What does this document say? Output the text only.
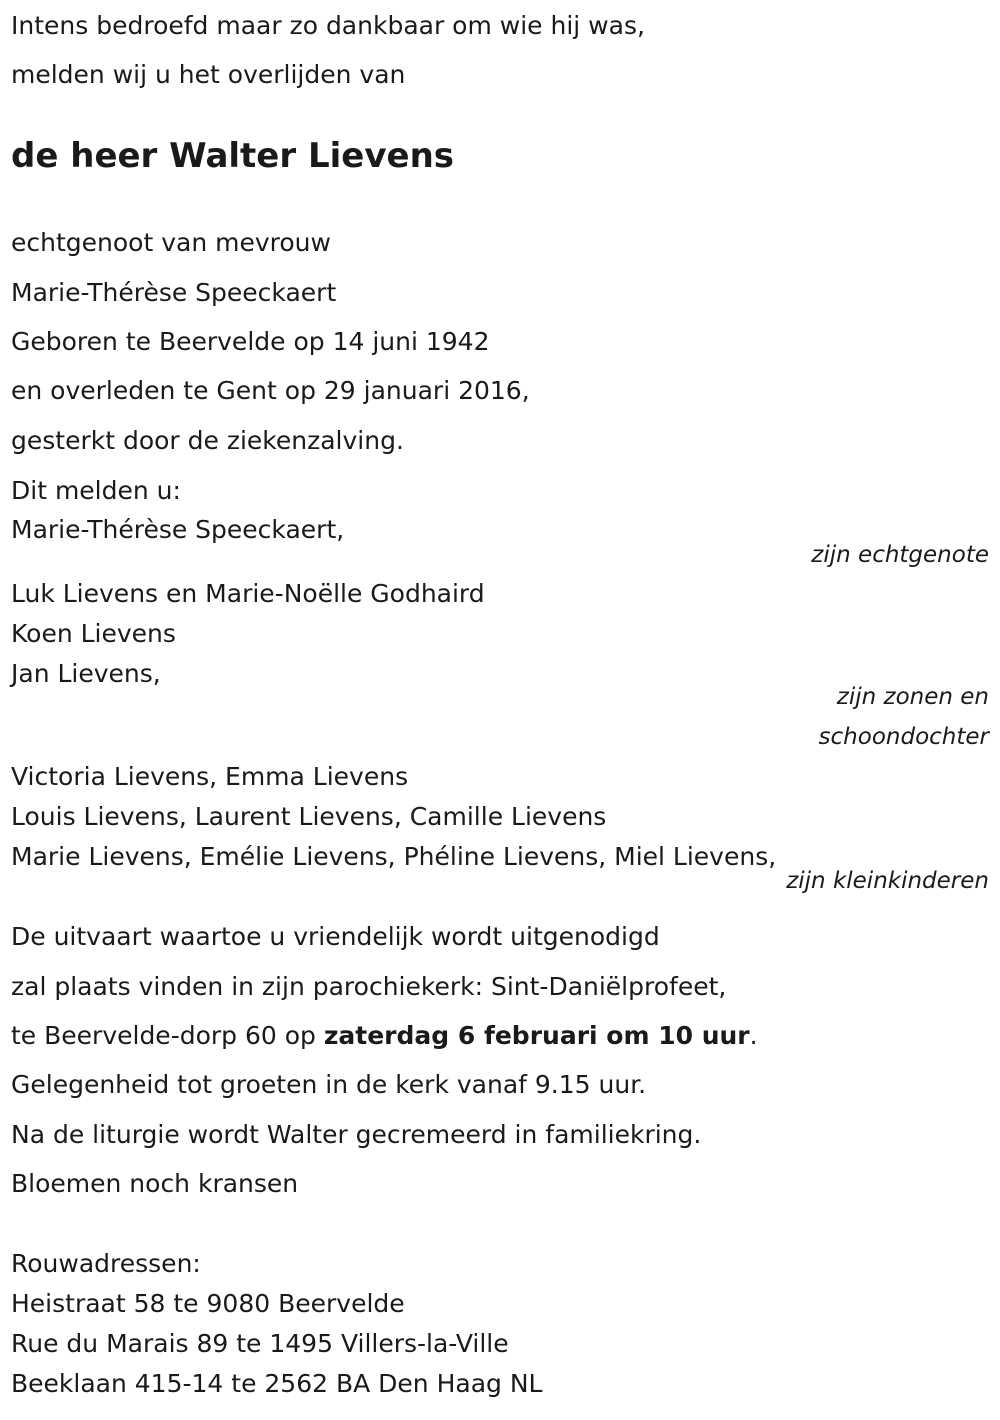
Intens bedroefd maar zo dankbaar om wie hij was,

melden wij u het overlijden van

de heer Walter Lievens

echtgenoot van mevrouw

Marie-Thérèse Speeckaert

Geboren te Beervelde op 14 juni 1942

en overleden te Gent op 29 januari 2016,

gesterkt door de ziekenzalving.

Dit melden u:

Marie-Thérèse Speeckaert,

zijn echtgenote

Luk Lievens en Marie-Noëlle Godhaird

Koen Lievens

Jan Lievens,

zijn zonen en

schoondochter

Victoria Lievens, Emma Lievens

Louis Lievens, Laurent Lievens, Camille Lievens

Marie Lievens, Emélie Lievens, Phéline Lievens, Miel Lievens,

zijn kleinkinderen

De uitvaart waartoe u vriendelijk wordt uitgenodigd

zal plaats vinden in zijn parochiekerk: Sint-Daniëlprofeet,

te Beervelde-dorp 60 op zaterdag 6 februari om 10 uur.

Gelegenheid tot groeten in de kerk vanaf 9.15 uur.

Na de liturgie wordt Walter gecremeerd in familiekring.

Bloemen noch kransen

Rouwadressen:

Heistraat 58 te 9080 Beervelde

Rue du Marais 89 te 1495 Villers-la-Ville

Beeklaan 415-14 te 2562 BA Den Haag NL
